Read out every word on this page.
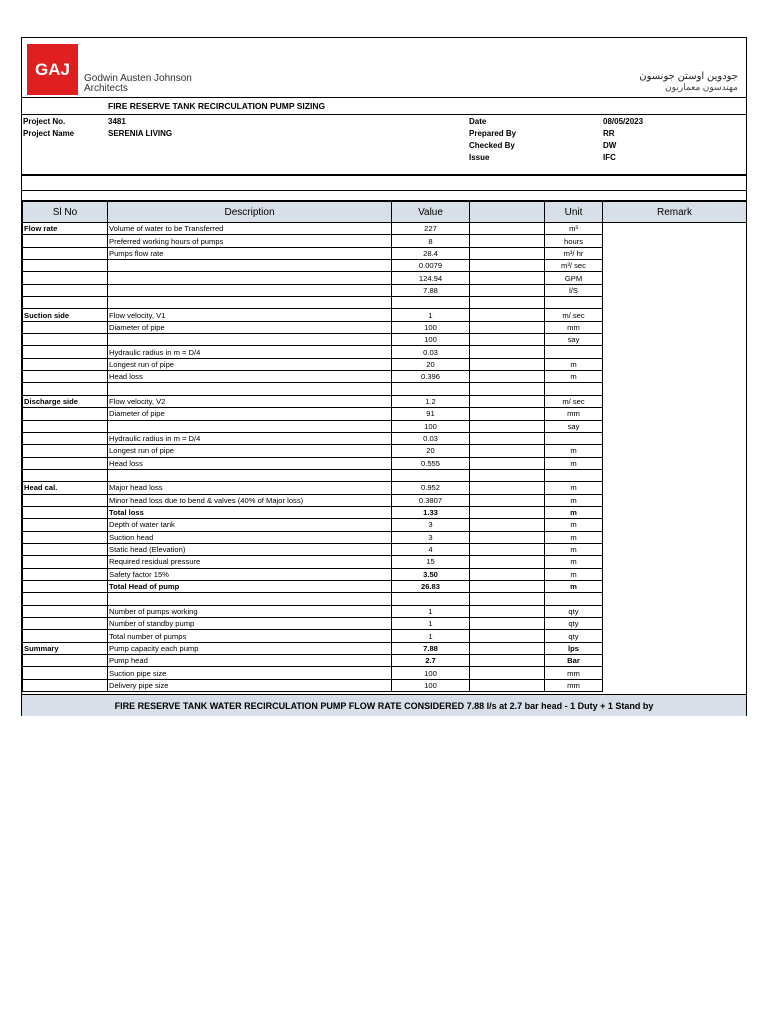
GAJ	Godwin Austen Johnson
Architects
جودوين اوستن جونسون
مهندسون معماريون
FIRE RESERVE TANK RECIRCULATION PUMP SIZING
Project No.	3481
Project Name	SERENIA LIVING
Date	08/05/2023
Prepared By	RR
Checked By	DW
Issue	IFC
Sl No	Description	Value		Unit	Remark
Flow rate	Volume of water to be Transferred	227		m³	
	Preferred working hours of pumps	8		hours	
	Pumps flow rate	28.4		m³/ hr	
		0.0079		m³/ sec	
		124.94		GPM	
		7.88		l/S	

Suction side	Flow velocity, V1	1		m/ sec	
	Diameter of pipe	100		mm	
		100		say	
	Hydraulic radius in m = D/4	0.03			
	Longest run of pipe	20		m	
	Head loss	0.396		m	

Discharge side	Flow velocity, V2	1.2		m/ sec	
	Diameter of pipe	91		mm	
		100		say	
	Hydraulic radius in m = D/4	0.03			
	Longest run of pipe	20		m	
	Head loss	0.555		m	

Head cal.	Major head loss	0.952		m	
	Minor head loss due to bend & valves (40% of Major loss)	0.3807		m	
	Total loss	1.33		m	
	Depth of water tank	3		m	
	Suction head	3		m	
	Static head (Elevation)	4		m	
	Required residual pressure	15		m	
	Safety factor 15%	3.50		m	
	Total Head of pump	26.83		m	

	Number of pumps working	1		qty	
	Number of standby pump	1		qty	
	Total number of pumps	1		qty	
Summary	Pump capacity each pump	7.88		lps	
	Pump head	2.7		Bar	
	Suction pipe size	100		mm	
	Delivery pipe size	100		mm	
FIRE RESERVE TANK WATER RECIRCULATION PUMP FLOW RATE CONSIDERED 7.88 l/s at 2.7 bar head - 1 Duty + 1 Stand by
